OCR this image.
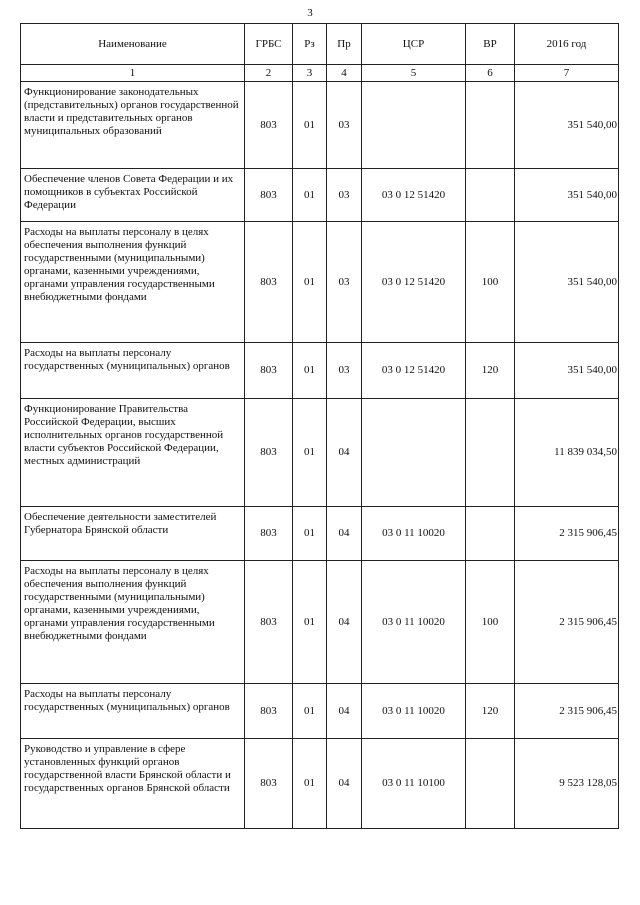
3
Наименование	ГРБС	Рз	Пр	ЦСР	ВР	2016 год
1	2	3	4	5	6	7
Функционирование законодательных (представительных) органов государственной власти и представительных органов муниципальных образований	803	01	03			351 540,00
Обеспечение членов Совета Федерации и их помощников в субъектах Российской Федерации	803	01	03	03 0 12 51420		351 540,00
Расходы на выплаты персоналу в целях обеспечения выполнения функций государственными (муниципальными) органами, казенными учреждениями, органами управления государственными внебюджетными фондами	803	01	03	03 0 12 51420	100	351 540,00
Расходы на выплаты персоналу государственных (муниципальных) органов	803	01	03	03 0 12 51420	120	351 540,00
Функционирование Правительства Российской Федерации, высших исполнительных органов государственной власти субъектов Российской Федерации, местных администраций	803	01	04			11 839 034,50
Обеспечение деятельности заместителей Губернатора Брянской области	803	01	04	03 0 11 10020		2 315 906,45
Расходы на выплаты персоналу в целях обеспечения выполнения функций государственными (муниципальными) органами, казенными учреждениями, органами управления государственными внебюджетными фондами	803	01	04	03 0 11 10020	100	2 315 906,45
Расходы на выплаты персоналу государственных (муниципальных) органов	803	01	04	03 0 11 10020	120	2 315 906,45
Руководство и управление в сфере установленных функций органов государственной власти Брянской области и государственных органов Брянской области	803	01	04	03 0 11 10100		9 523 128,05
